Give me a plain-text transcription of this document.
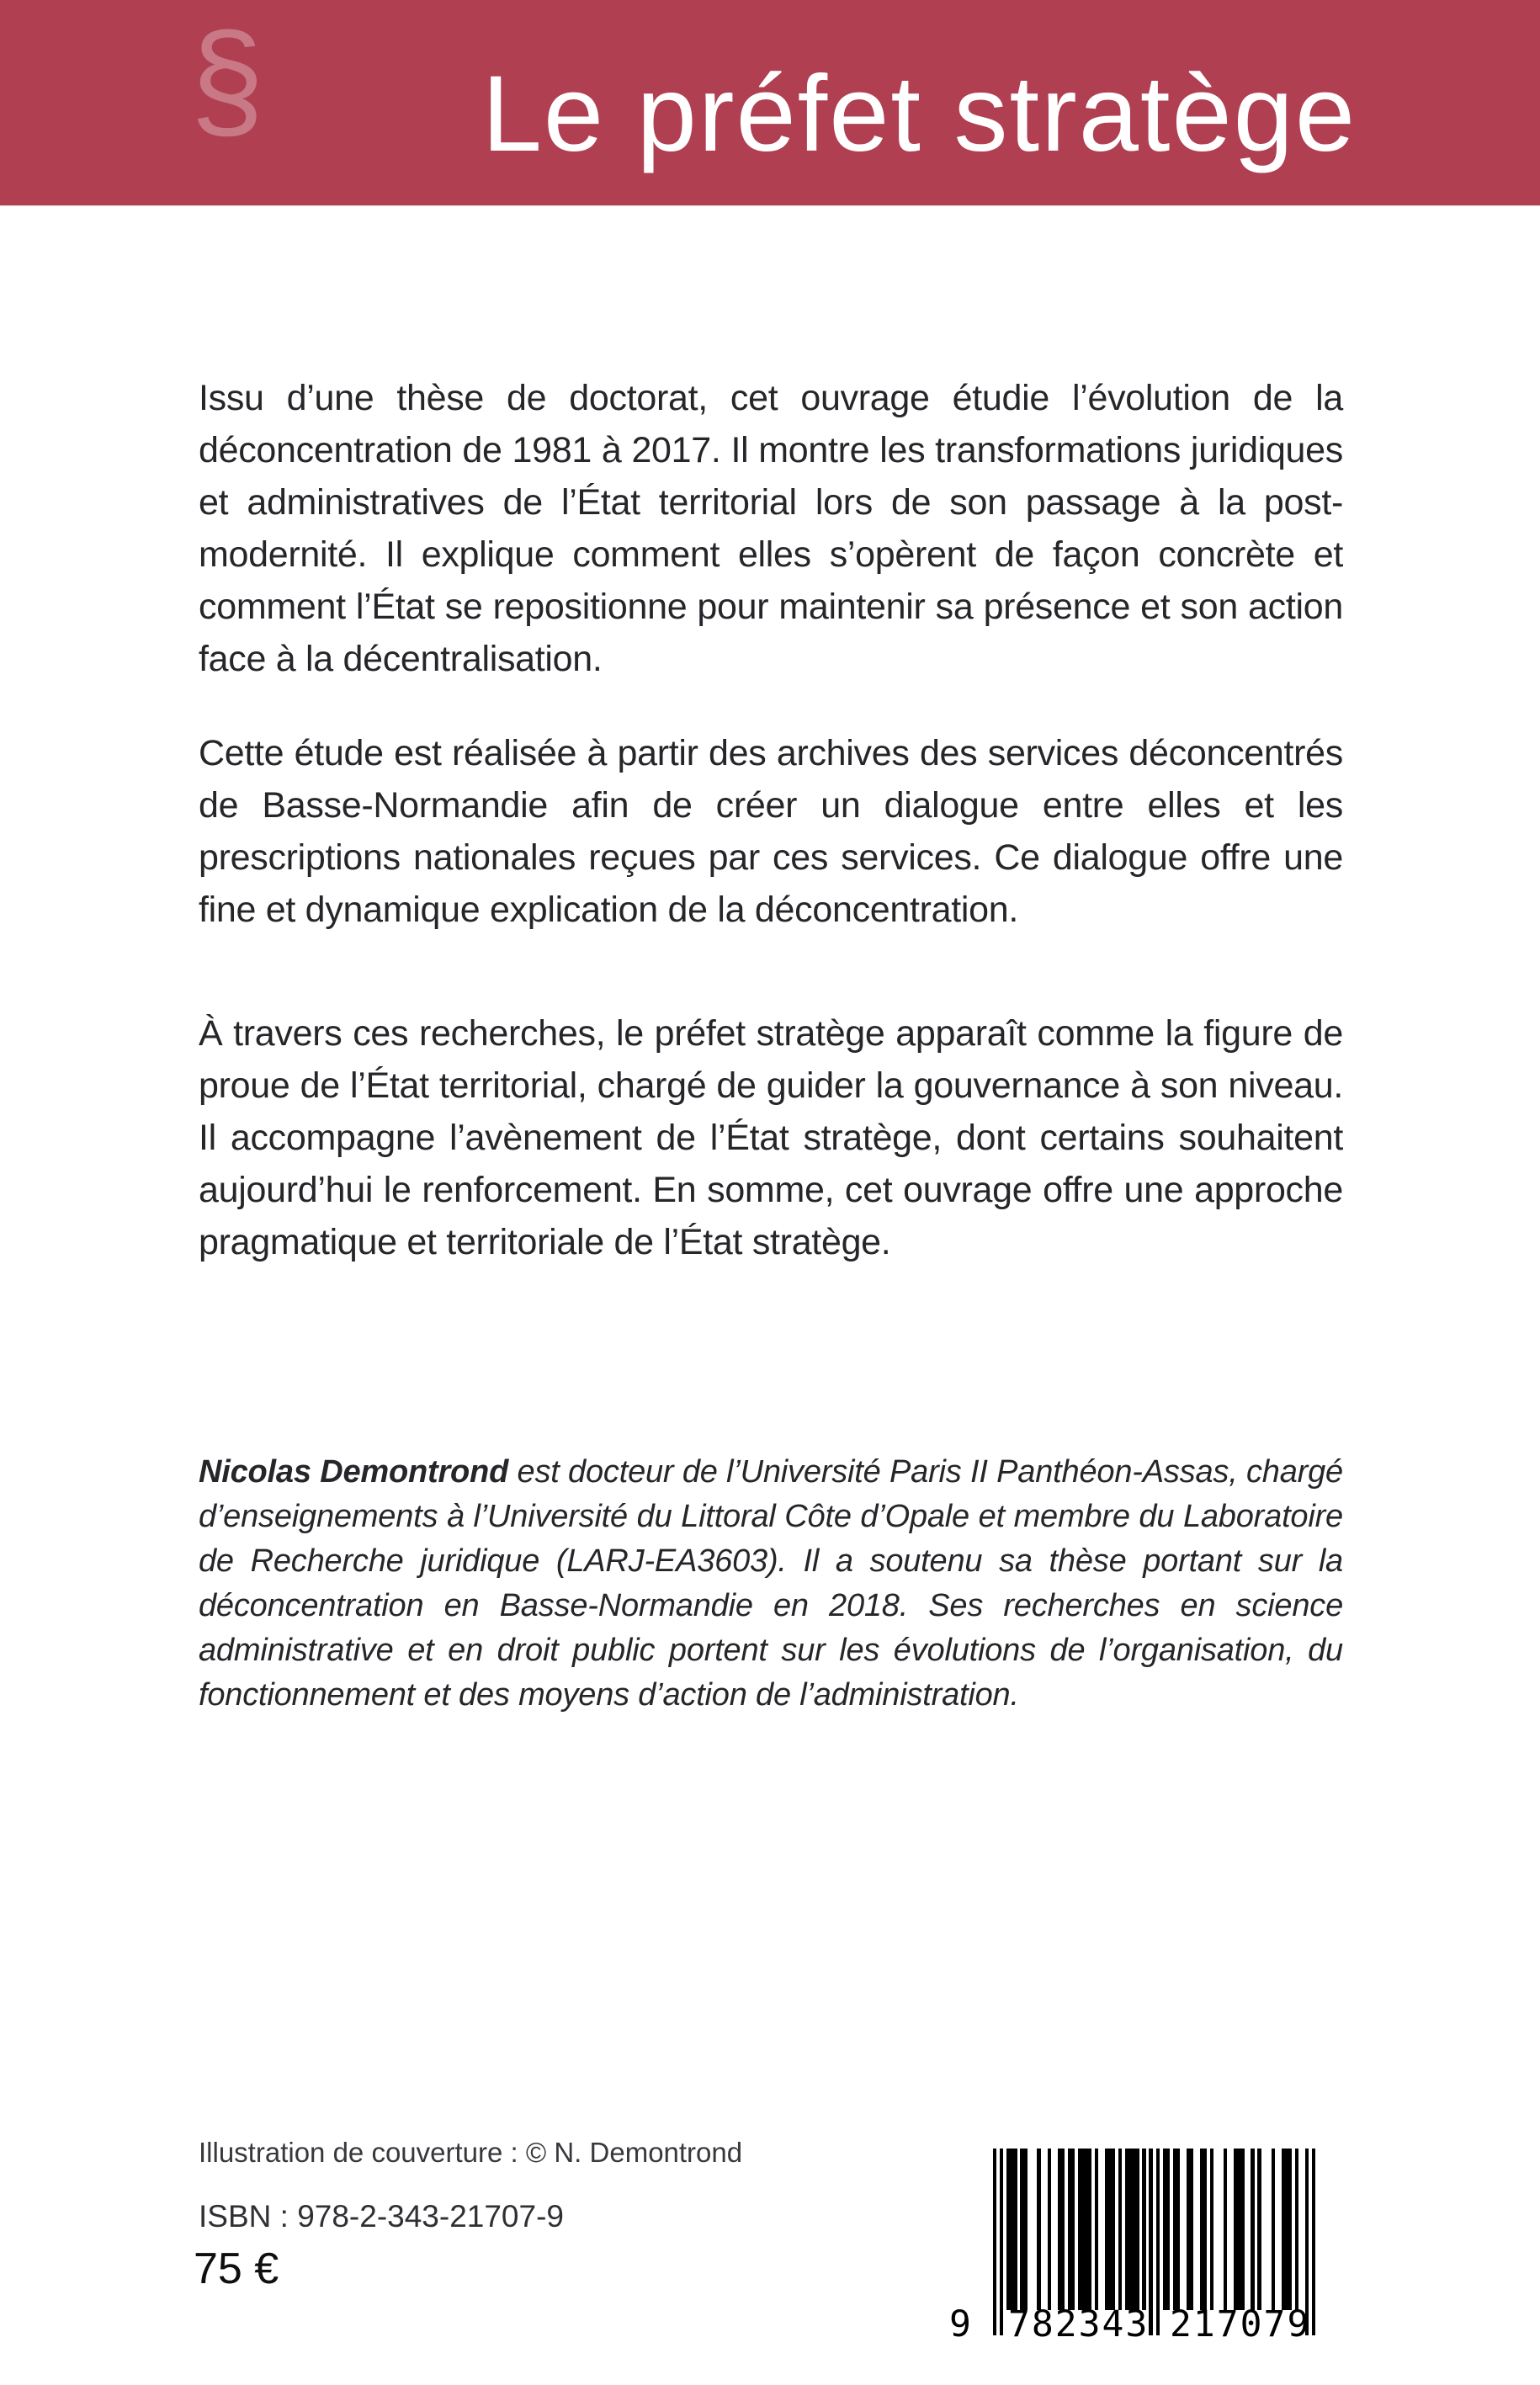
§ Le préfet stratège

Issu d’une thèse de doctorat, cet ouvrage étudie l’évolution de la déconcentration de 1981 à 2017. Il montre les transformations juridiques et administratives de l’État territorial lors de son passage à la post-modernité. Il explique comment elles s’opèrent de façon concrète et comment l’État se repositionne pour maintenir sa présence et son action face à la décentralisation.

Cette étude est réalisée à partir des archives des services déconcentrés de Basse-Normandie afin de créer un dialogue entre elles et les prescriptions nationales reçues par ces services. Ce dialogue offre une fine et dynamique explication de la déconcentration.

À travers ces recherches, le préfet stratège apparaît comme la figure de proue de l’État territorial, chargé de guider la gouvernance à son niveau. Il accompagne l’avènement de l’État stratège, dont certains souhaitent aujourd’hui le renforcement. En somme, cet ouvrage offre une approche pragmatique et territoriale de l’État stratège.

Nicolas Demontrond est docteur de l’Université Paris II Panthéon-Assas, chargé d’enseignements à l’Université du Littoral Côte d’Opale et membre du Laboratoire de Recherche juridique (LARJ-EA3603). Il a soutenu sa thèse portant sur la déconcentration en Basse-Normandie en 2018. Ses recherches en science administrative et en droit public portent sur les évolutions de l’organisation, du fonctionnement et des moyens d’action de l’administration.

Illustration de couverture : © N. Demontrond
ISBN : 978-2-343-21707-9
75 €
9 782343 217079
